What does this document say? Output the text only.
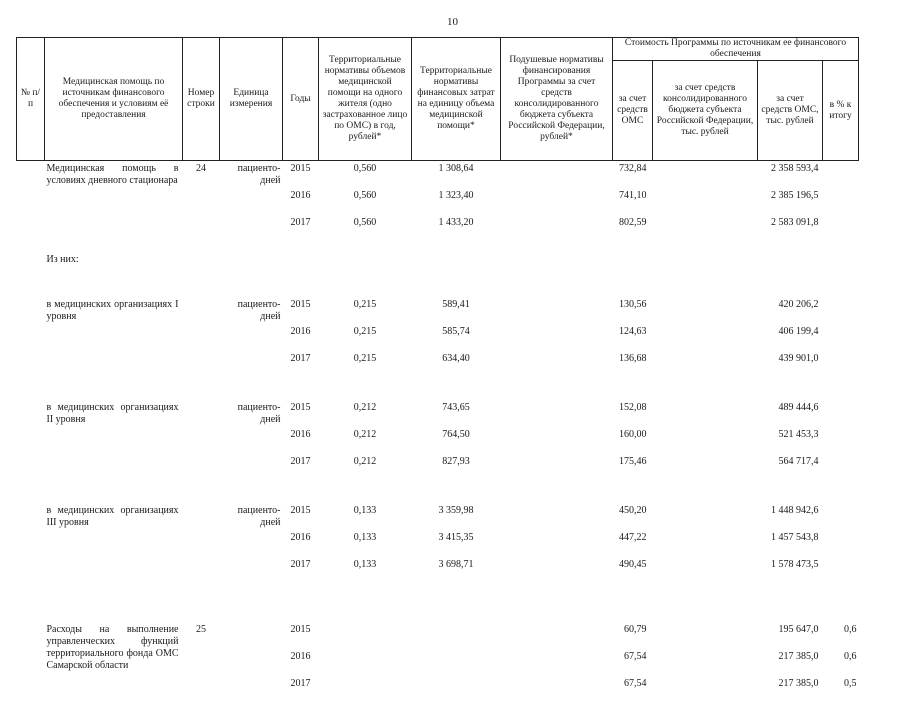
10
№ п/п	Медицинская помощь по источникам финансового обеспечения и условиям её предоставления	Номер строки	Единица измерения	Годы	Территориальные нормативы объемов медицинской помощи на одного жителя (одно застрахованное лицо по ОМС) в год, рублей*	Территориальные нормативы финансовых затрат на единицу объема медицинской помощи*	Подушевые нормативы финансирования Программы за счет средств консолидированного бюджета субъекта Российской Федерации, рублей*	Стоимость Программы по источникам ее финансового обеспечения			
								за счет средств ОМС	за счет средств консолидированного бюджета субъекта Российской Федерации, тыс. рублей	за счет средств ОМС, тыс. рублей	в % к итогу

	Медицинская помощь в условиях дневного стационара	24	пациенто-дней	2015	0,560	1 308,64		732,84		2 358 593,4	
				2016	0,560	1 323,40		741,10		2 385 196,5	
				2017	0,560	1 433,20		802,59		2 583 091,8	

	Из них:										

	в медицинских организациях I уровня		пациенто-дней	2015	0,215	589,41		130,56		420 206,2	
				2016	0,215	585,74		124,63		406 199,4	
				2017	0,215	634,40		136,68		439 901,0	

	в медицинских организациях II уровня		пациенто-дней	2015	0,212	743,65		152,08		489 444,6	
				2016	0,212	764,50		160,00		521 453,3	
				2017	0,212	827,93		175,46		564 717,4	

	в медицинских организациях III уровня		пациенто-дней	2015	0,133	3 359,98		450,20		1 448 942,6	
				2016	0,133	3 415,35		447,22		1 457 543,8	
				2017	0,133	3 698,71		490,45		1 578 473,5	

	Расходы на выполнение управленческих функций территориального фонда ОМС Самарской области	25		2015				60,79		195 647,0	0,6
				2016				67,54		217 385,0	0,6
				2017				67,54		217 385,0	0,5
